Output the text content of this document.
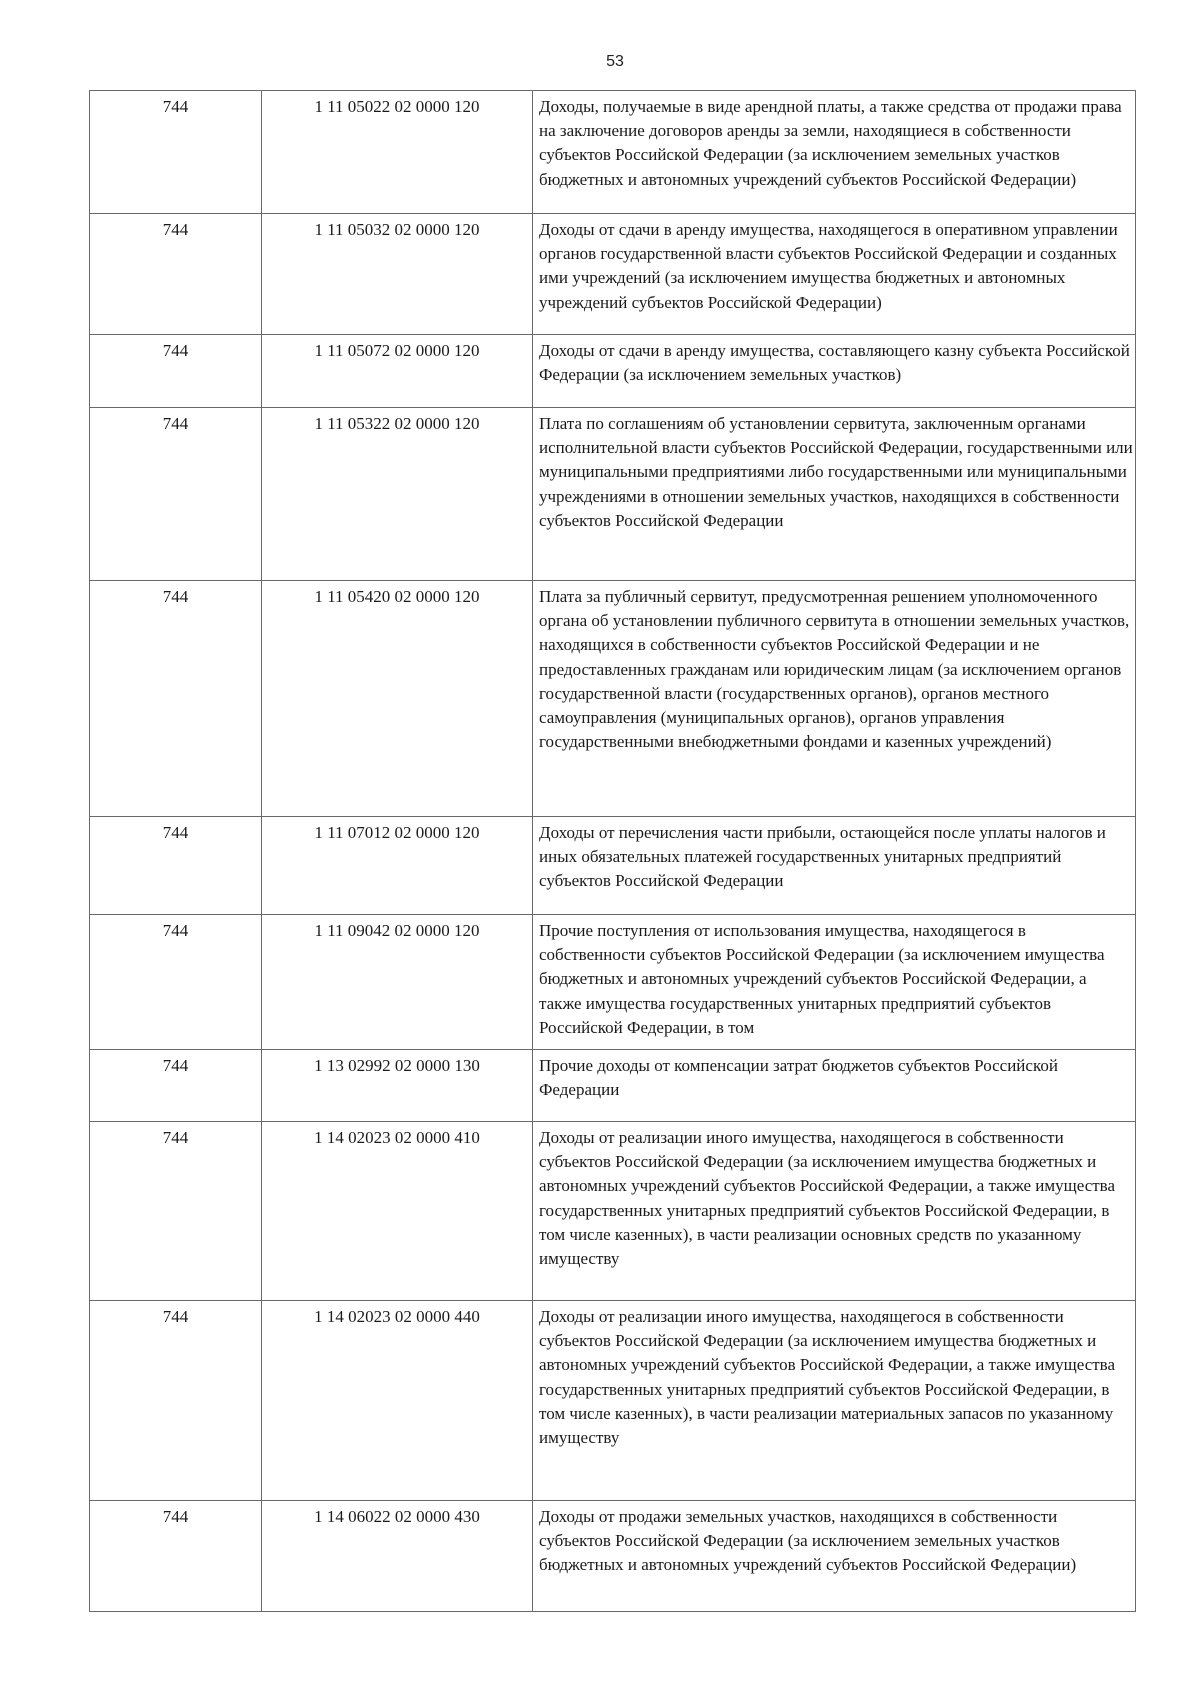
53
744	1 11 05022 02 0000 120	Доходы, получаемые в виде арендной платы, а также средства от продажи права на заключение договоров аренды за земли, находящиеся в собственности субъектов Российской Федерации (за исключением земельных участков бюджетных и автономных учреждений субъектов Российской Федерации)

744	1 11 05032 02 0000 120	Доходы от сдачи в аренду имущества, находящегося в оперативном управлении органов государственной власти субъектов Российской Федерации и созданных ими учреждений (за исключением имущества бюджетных и автономных учреждений субъектов Российской Федерации)

744	1 11 05072 02 0000 120	Доходы от сдачи в аренду имущества, составляющего казну субъекта Российской Федерации (за исключением земельных участков)

744	1 11 05322 02 0000 120	Плата по соглашениям об установлении сервитута, заключенным органами исполнительной власти субъектов Российской Федерации, государственными или муниципальными предприятиями либо государственными или муниципальными учреждениями в отношении земельных участков, находящихся в собственности субъектов Российской Федерации

744	1 11 05420 02 0000 120	Плата за публичный сервитут, предусмотренная решением уполномоченного органа об установлении публичного сервитута в отношении земельных участков, находящихся в собственности субъектов Российской Федерации и не предоставленных гражданам или юридическим лицам (за исключением органов государственной власти (государственных органов), органов местного самоуправления (муниципальных органов), органов управления государственными внебюджетными фондами и казенных учреждений)

744	1 11 07012 02 0000 120	Доходы от перечисления части прибыли, остающейся после уплаты налогов и иных обязательных платежей государственных унитарных предприятий субъектов Российской Федерации

744	1 11 09042 02 0000 120	Прочие поступления от использования имущества, находящегося в собственности субъектов Российской Федерации (за исключением имущества бюджетных и автономных учреждений субъектов Российской Федерации, а также имущества государственных унитарных предприятий субъектов Российской Федерации, в том

744	1 13 02992 02 0000 130	Прочие доходы от компенсации затрат бюджетов субъектов Российской Федерации

744	1 14 02023 02 0000 410	Доходы от реализации иного имущества, находящегося в собственности субъектов Российской Федерации (за исключением имущества бюджетных и автономных учреждений субъектов Российской Федерации, а также имущества государственных унитарных предприятий субъектов Российской Федерации, в том числе казенных), в части реализации основных средств по указанному имуществу

744	1 14 02023 02 0000 440	Доходы от реализации иного имущества, находящегося в собственности субъектов Российской Федерации (за исключением имущества бюджетных и автономных учреждений субъектов Российской Федерации, а также имущества государственных унитарных предприятий субъектов Российской Федерации, в том числе казенных), в части реализации материальных запасов по указанному имуществу

744	1 14 06022 02 0000 430	Доходы от продажи земельных участков, находящихся в собственности субъектов Российской Федерации (за исключением земельных участков бюджетных и автономных учреждений субъектов Российской Федерации)
